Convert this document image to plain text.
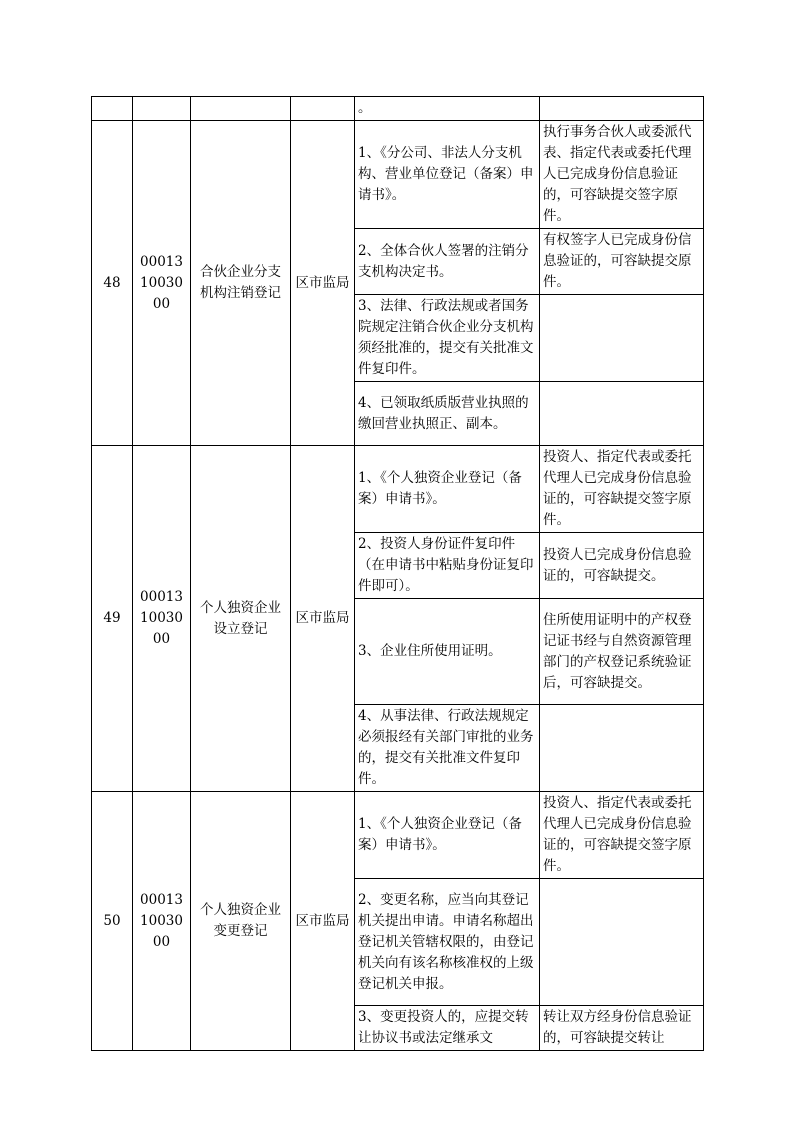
				。	
48	000131003000	合伙企业分支机构注销登记	区市监局	1、《分公司、非法人分支机构、营业单位登记（备案）申请书》。	执行事务合伙人或委派代表、指定代表或委托代理人已完成身份信息验证的，可容缺提交签字原件。
				2、全体合伙人签署的注销分支机构决定书。	有权签字人已完成身份信息验证的，可容缺提交原件。
				3、法律、行政法规或者国务院规定注销合伙企业分支机构须经批准的，提交有关批准文件复印件。	
				4、已领取纸质版营业执照的缴回营业执照正、副本。	
49	000131003000	个人独资企业设立登记	区市监局	1、《个人独资企业登记（备案）申请书》。	投资人、指定代表或委托代理人已完成身份信息验证的，可容缺提交签字原件。
				2、投资人身份证件复印件（在申请书中粘贴身份证复印件即可）。	投资人已完成身份信息验证的，可容缺提交。
				3、企业住所使用证明。	住所使用证明中的产权登记证书经与自然资源管理部门的产权登记系统验证后，可容缺提交。
				4、从事法律、行政法规规定必须报经有关部门审批的业务的，提交有关批准文件复印件。	
50	000131003000	个人独资企业变更登记	区市监局	1、《个人独资企业登记（备案）申请书》。	投资人、指定代表或委托代理人已完成身份信息验证的，可容缺提交签字原件。
				2、变更名称，应当向其登记机关提出申请。申请名称超出登记机关管辖权限的，由登记机关向有该名称核准权的上级登记机关申报。	
				3、变更投资人的，应提交转让协议书或法定继承文	转让双方经身份信息验证的，可容缺提交转让
